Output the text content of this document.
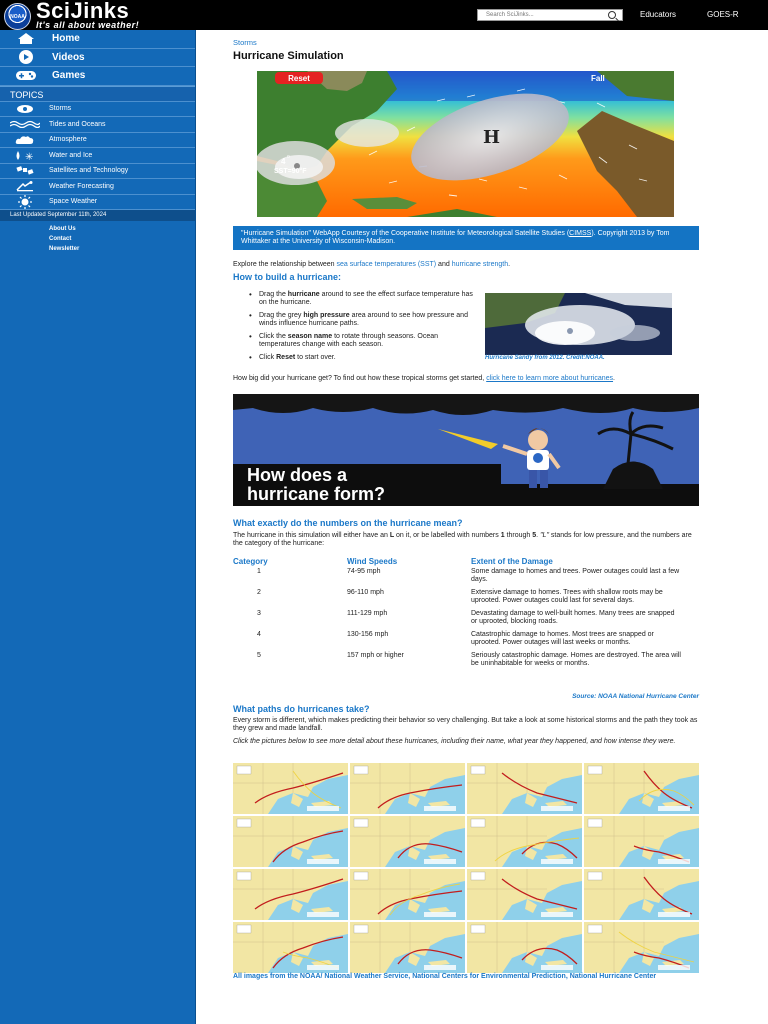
NOAA SciJinks
It's all about weather!
Search SciJinks...	Educators	GOES-R
Home
Videos
Games
TOPICS
Storms
Tides and Oceans
Atmosphere
✳ Water and Ice
Satellites and Technology
Weather Forecasting
Space Weather
Last Updated September 11th, 2024
About Us
Contact
Newsletter
Storms
Hurricane Simulation
H
4 o
SST=90°F
Reset	Fall
"Hurricane Simulation" WebApp Courtesy of the Cooperative Institute for Meteorological Satellite Studies (CIMSS). Copyright 2013 by Tom Whittaker at the University of Wisconsin-Madison.
Explore the relationship between sea surface temperatures (SST) and hurricane strength.
How to build a hurricane:
• Drag the hurricane around to see the effect surface temperature has on the hurricane.
• Drag the grey high pressure area around to see how pressure and winds influence hurricane paths.
• Click the season name to rotate through seasons. Ocean temperatures change with each season.
• Click Reset to start over.	Hurricane Sandy from 2012. Credit:NOAA.
How big did your hurricane get? To find out how these tropical storms get started, click here to learn more about hurricanes.
How does a
hurricane form?
What exactly do the numbers on the hurricane mean?
The hurricane in this simulation will either have an L on it, or be labelled with numbers 1 through 5. "L" stands for low pressure, and the numbers are the category of the hurricane:
Category	Wind Speeds	Extent of the Damage
1	74-95 mph	Some damage to homes and trees. Power outages could last a few days.
2	96-110 mph	Extensive damage to homes. Trees with shallow roots may be uprooted. Power outages could last for several days.
3	111-129 mph	Devastating damage to well-built homes. Many trees are snapped or uprooted, blocking roads.
4	130-156 mph	Catastrophic damage to homes. Most trees are snapped or uprooted. Power outages will last weeks or months.
5	157 mph or higher	Seriously catastrophic damage. Homes are destroyed. The area will be uninhabitable for weeks or months.
Source: NOAA National Hurricane Center
What paths do hurricanes take?
Every storm is different, which makes predicting their behavior so very challenging. But take a look at some historical storms and the path they took as they grew and made landfall.
Click the pictures below to see more detail about these hurricanes, including their name, what year they happened, and how intense they were.
All images from the NOAA/ National Weather Service, National Centers for Environmental Prediction, National Hurricane Center
